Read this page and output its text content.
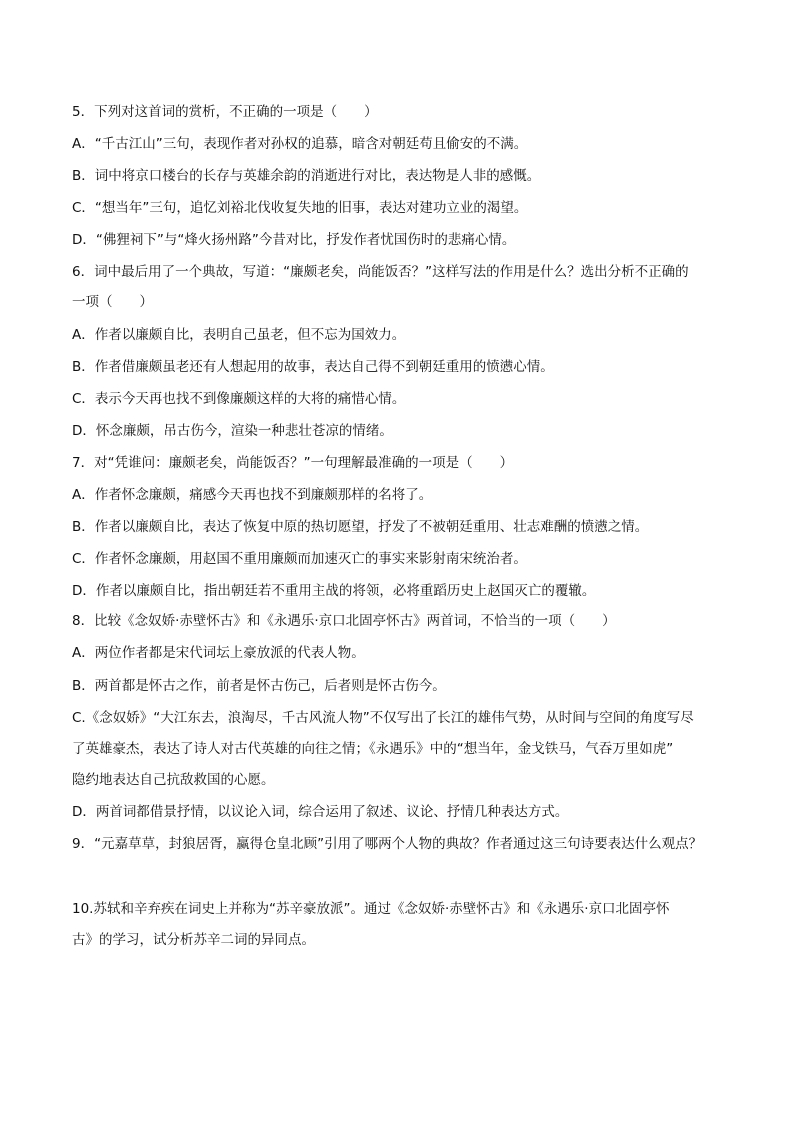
5．下列对这首词的赏析，不正确的一项是（　　）
A．“千古江山”三句，表现作者对孙权的追慕，暗含对朝廷苟且偷安的不满。
B．词中将京口楼台的长存与英雄余韵的消逝进行对比，表达物是人非的感慨。
C．“想当年”三句，追忆刘裕北伐收复失地的旧事，表达对建功立业的渴望。
D．“佛狸祠下”与“烽火扬州路”今昔对比，抒发作者忧国伤时的悲痛心情。
6．词中最后用了一个典故，写道：“廉颇老矣，尚能饭否？”这样写法的作用是什么？选出分析不正确的
一项（　　）
A．作者以廉颇自比，表明自己虽老，但不忘为国效力。
B．作者借廉颇虽老还有人想起用的故事，表达自己得不到朝廷重用的愤懑心情。
C．表示今天再也找不到像廉颇这样的大将的痛惜心情。
D．怀念廉颇，吊古伤今，渲染一种悲壮苍凉的情绪。
7．对“凭谁问：廉颇老矣，尚能饭否？”一句理解最准确的一项是（　　）
A．作者怀念廉颇，痛感今天再也找不到廉颇那样的名将了。
B．作者以廉颇自比，表达了恢复中原的热切愿望，抒发了不被朝廷重用、壮志难酬的愤懑之情。
C．作者怀念廉颇，用赵国不重用廉颇而加速灭亡的事实来影射南宋统治者。
D．作者以廉颇自比，指出朝廷若不重用主战的将领，必将重蹈历史上赵国灭亡的覆辙。
8．比较《念奴娇·赤壁怀古》和《永遇乐·京口北固亭怀古》两首词，不恰当的一项（　　）
A．两位作者都是宋代词坛上豪放派的代表人物。
B．两首都是怀古之作，前者是怀古伤己，后者则是怀古伤今。
C.《念奴娇》“大江东去，浪淘尽，千古风流人物”不仅写出了长江的雄伟气势，从时间与空间的角度写尽
了英雄豪杰，表达了诗人对古代英雄的向往之情；《永遇乐》中的“想当年，金戈铁马，气吞万里如虎”
隐约地表达自己抗敌救国的心愿。
D．两首词都借景抒情，以议论入词，综合运用了叙述、议论、抒情几种表达方式。
9．“元嘉草草，封狼居胥，赢得仓皇北顾”引用了哪两个人物的典故？作者通过这三句诗要表达什么观点？
10.苏轼和辛弃疾在词史上并称为“苏辛豪放派”。通过《念奴娇·赤壁怀古》和《永遇乐·京口北固亭怀
古》的学习，试分析苏辛二词的异同点。
